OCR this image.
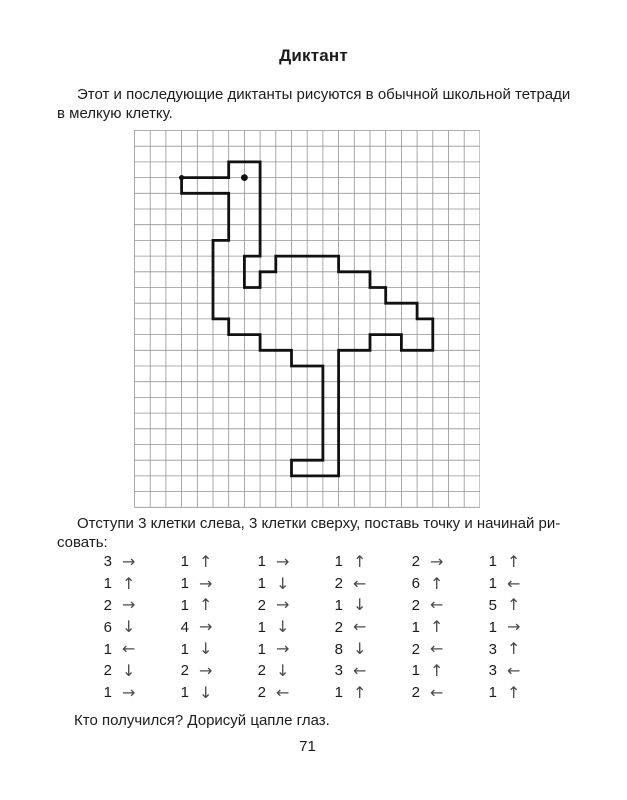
Диктант
Этот и последующие диктанты рисуются в обычной школьной тетради
в мелкую клетку.
Отступи 3 клетки слева, 3 клетки сверху, поставь точку и начинай ри-
совать:
3 →	1 ↑	1 →	1 ↑	2 →	1 ↑
1 ↑	1 →	1 ↓	2 ←	6 ↑	1 ←
2 →	1 ↑	2 →	1 ↓	2 ←	5 ↑
6 ↓	4 →	1 ↓	2 ←	1 ↑	1 →
1 ←	1 ↓	1 →	8 ↓	2 ←	3 ↑
2 ↓	2 →	2 ↓	3 ←	1 ↑	3 ←
1 →	1 ↓	2 ←	1 ↑	2 ←	1 ↑
Кто получился? Дорисуй цапле глаз.
71
